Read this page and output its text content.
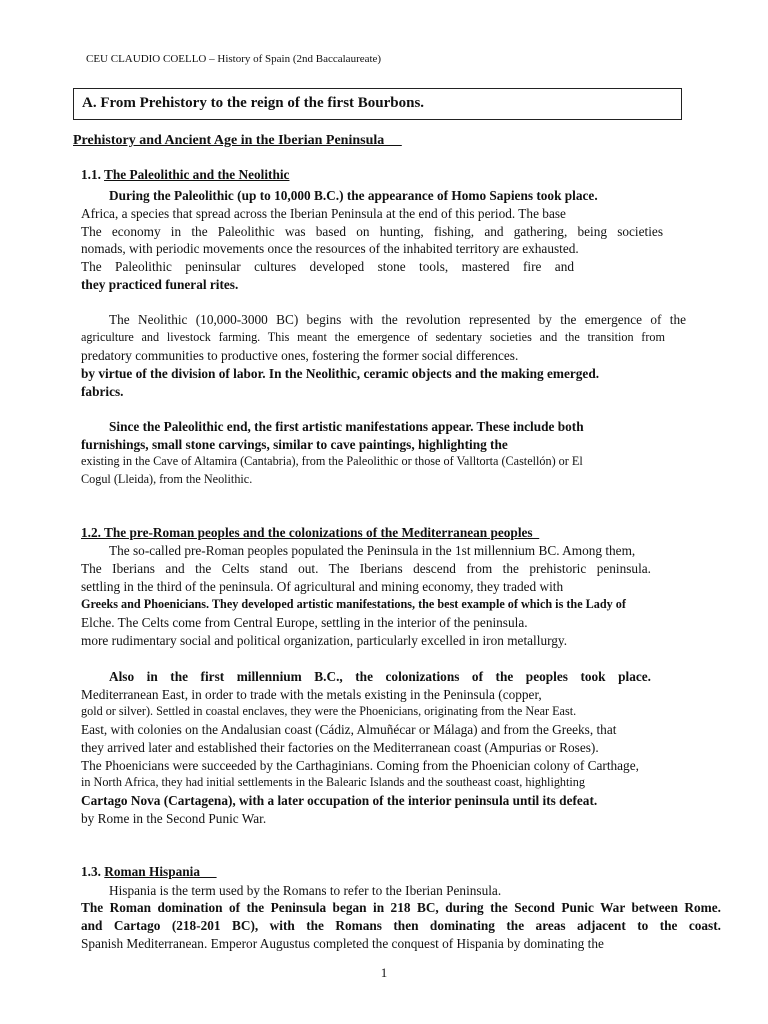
CEU CLAUDIO COELLO – History of Spain (2nd Baccalaureate)
A. From Prehistory to the reign of the first Bourbons.
Prehistory and Ancient Age in the Iberian Peninsula
1.1. The Paleolithic and the Neolithic
During the Paleolithic (up to 10,000 B.C.) the appearance of Homo Sapiens took place.
Africa, a species that spread across the Iberian Peninsula at the end of this period. The base
The economy in the Paleolithic was based on hunting, fishing, and gathering, being societies
nomads, with periodic movements once the resources of the inhabited territory are exhausted.
The Paleolithic peninsular cultures developed stone tools, mastered fire and
they practiced funeral rites.
The Neolithic (10,000-3000 BC) begins with the revolution represented by the emergence of the
agriculture and livestock farming. This meant the emergence of sedentary societies and the transition from
predatory communities to productive ones, fostering the former social differences.
by virtue of the division of labor. In the Neolithic, ceramic objects and the making emerged.
fabrics.
Since the Paleolithic end, the first artistic manifestations appear. These include both
furnishings, small stone carvings, similar to cave paintings, highlighting the
existing in the Cave of Altamira (Cantabria), from the Paleolithic or those of Valltorta (Castellón) or El
Cogul (Lleida), from the Neolithic.
1.2. The pre-Roman peoples and the colonizations of the Mediterranean peoples
The so-called pre-Roman peoples populated the Peninsula in the 1st millennium BC. Among them,
The Iberians and the Celts stand out. The Iberians descend from the prehistoric peninsula.
settling in the third of the peninsula. Of agricultural and mining economy, they traded with
Greeks and Phoenicians. They developed artistic manifestations, the best example of which is the Lady of
Elche. The Celts come from Central Europe, settling in the interior of the peninsula.
more rudimentary social and political organization, particularly excelled in iron metallurgy.
Also in the first millennium B.C., the colonizations of the peoples took place.
Mediterranean East, in order to trade with the metals existing in the Peninsula (copper,
gold or silver). Settled in coastal enclaves, they were the Phoenicians, originating from the Near East.
East, with colonies on the Andalusian coast (Cádiz, Almuñécar or Málaga) and from the Greeks, that
they arrived later and established their factories on the Mediterranean coast (Ampurias or Roses).
The Phoenicians were succeeded by the Carthaginians. Coming from the Phoenician colony of Carthage,
in North Africa, they had initial settlements in the Balearic Islands and the southeast coast, highlighting
Cartago Nova (Cartagena), with a later occupation of the interior peninsula until its defeat.
by Rome in the Second Punic War.
1.3. Roman Hispania
Hispania is the term used by the Romans to refer to the Iberian Peninsula.
The Roman domination of the Peninsula began in 218 BC, during the Second Punic War between Rome.
and Cartago (218-201 BC), with the Romans then dominating the areas adjacent to the coast.
Spanish Mediterranean. Emperor Augustus completed the conquest of Hispania by dominating the
1
